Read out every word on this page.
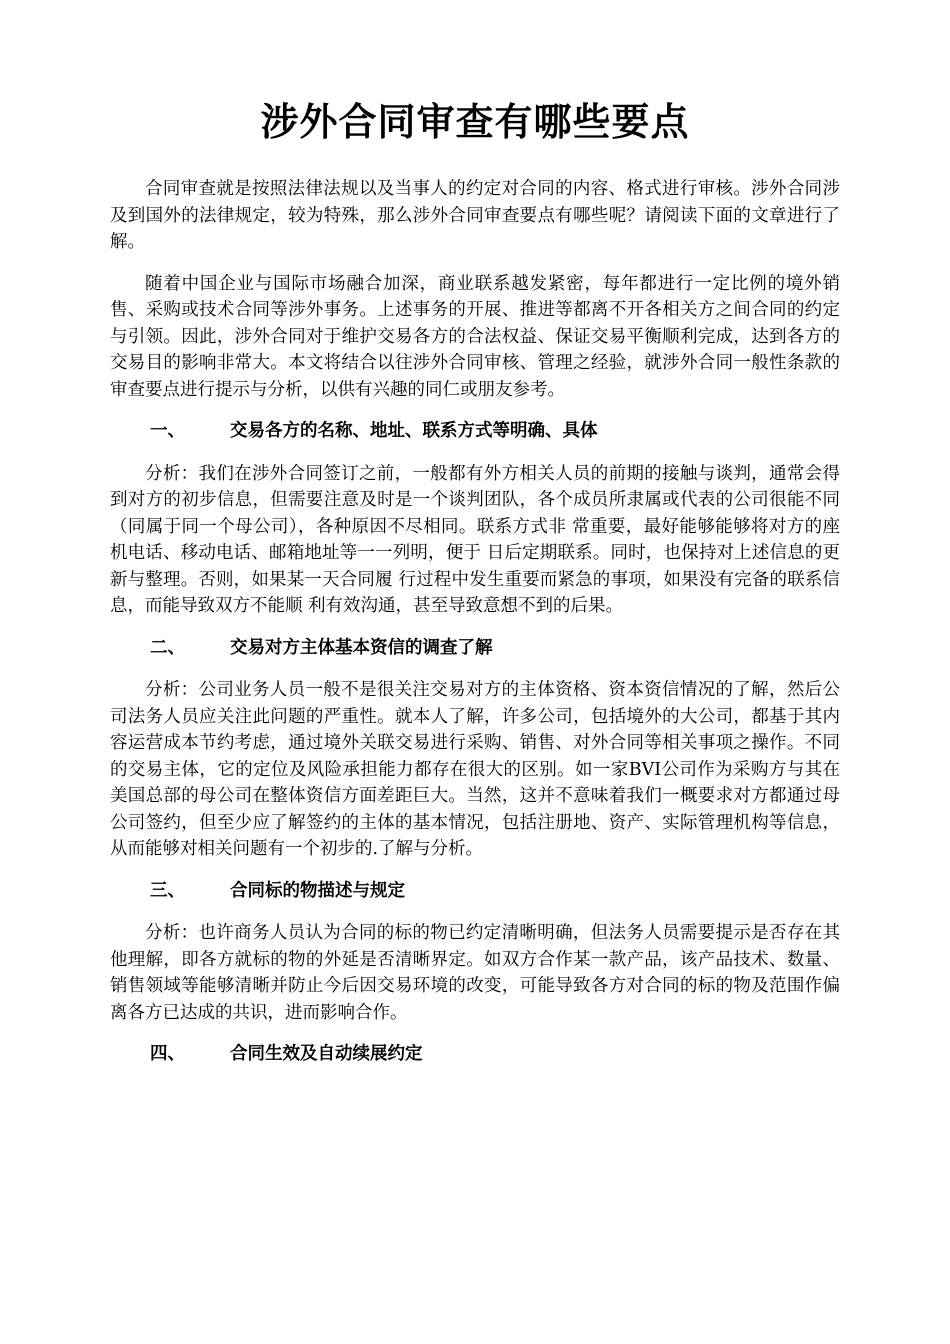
涉外合同审查有哪些要点

合同审查就是按照法律法规以及当事人的约定对合同的内容、格式进行审核。涉外合同涉及到国外的法律规定，较为特殊，那么涉外合同审查要点有哪些呢？请阅读下面的文章进行了解。

随着中国企业与国际市场融合加深，商业联系越发紧密，每年都进行一定比例的境外销售、采购或技术合同等涉外事务。上述事务的开展、推进等都离不开各相关方之间合同的约定与引领。因此，涉外合同对于维护交易各方的合法权益、保证交易平衡顺利完成，达到各方的交易目的影响非常大。本文将结合以往涉外合同审核、管理之经验，就涉外合同一般性条款的审查要点进行提示与分析，以供有兴趣的同仁或朋友参考。

一、	交易各方的名称、地址、联系方式等明确、具体

分析：我们在涉外合同签订之前，一般都有外方相关人员的前期的接触与谈判，通常会得到对方的初步信息，但需要注意及时是一个谈判团队，各个成员所隶属或代表的公司很能不同（同属于同一个母公司），各种原因不尽相同。联系方式非 常重要，最好能够能够将对方的座机电话、移动电话、邮箱地址等一一列明，便于 日后定期联系。同时，也保持对上述信息的更新与整理。否则，如果某一天合同履 行过程中发生重要而紧急的事项，如果没有完备的联系信息，而能导致双方不能顺 利有效沟通，甚至导致意想不到的后果。

二、	交易对方主体基本资信的调查了解

分析：公司业务人员一般不是很关注交易对方的主体资格、资本资信情况的了解，然后公司法务人员应关注此问题的严重性。就本人了解，许多公司，包括境外的大公司，都基于其内容运营成本节约考虑，通过境外关联交易进行采购、销售、对外合同等相关事项之操作。不同的交易主体，它的定位及风险承担能力都存在很大的区别。如一家BVI公司作为采购方与其在美国总部的母公司在整体资信方面差距巨大。当然，这并不意味着我们一概要求对方都通过母公司签约，但至少应了解签约的主体的基本情况，包括注册地、资产、实际管理机构等信息，从而能够对相关问题有一个初步的.了解与分析。

三、	合同标的物描述与规定

分析：也许商务人员认为合同的标的物已约定清晰明确，但法务人员需要提示是否存在其他理解，即各方就标的物的外延是否清晰界定。如双方合作某一款产品，该产品技术、数量、销售领域等能够清晰并防止今后因交易环境的改变，可能导致各方对合同的标的物及范围作偏离各方已达成的共识，进而影响合作。

四、	合同生效及自动续展约定
